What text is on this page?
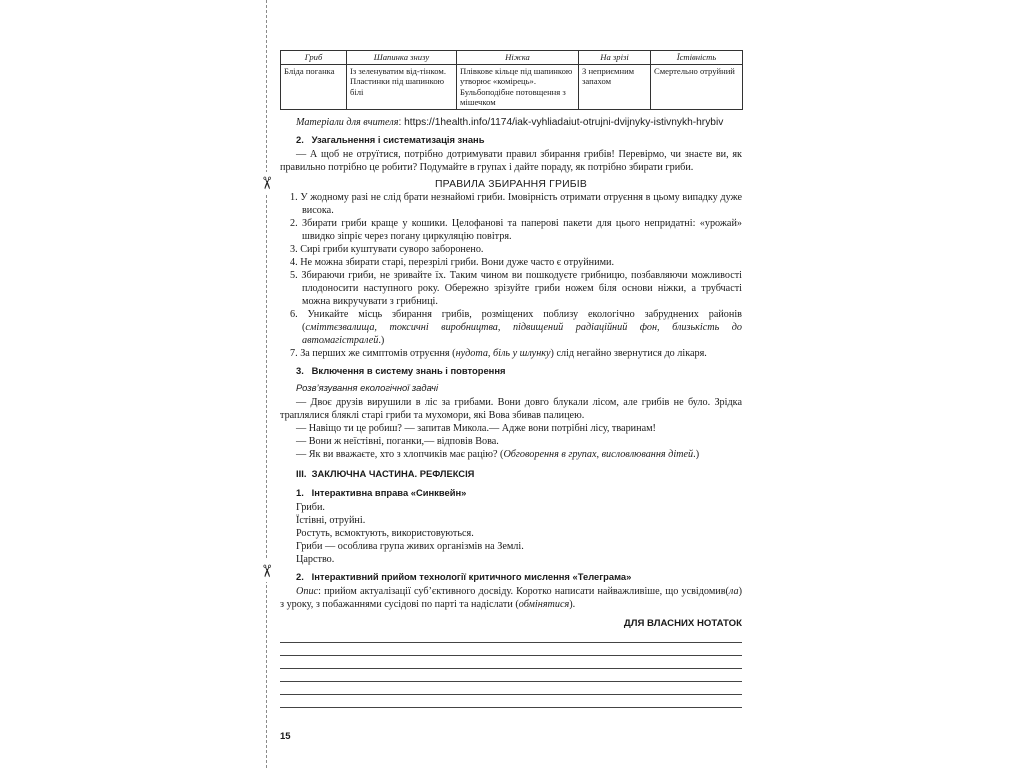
✂
✂
Гриб	Шапинка знизу	Ніжка	На зрізі	Їстівність
Бліда поганка	Із зеленуватим від-тінком. Пластинки під шапинкою білі	Плівкове кільце під шапинкою утворює «комірець». Бульбоподібне потовщення з мішечком	З неприємним запахом	Смертельно отруйний

Матеріали для вчителя: https://1health.info/1174/iak-vyhliadaiut-otrujni-dvijnyky-istivnykh-hrybiv

2.   Узагальнення і систематизація знань

— А щоб не отруїтися, потрібно дотримувати правил збирання грибів! Перевірмо, чи знаєте ви, як правильно потрібно це робити? Подумайте в групах і дайте пораду, як потрібно збирати гриби.

ПРАВИЛА ЗБИРАННЯ ГРИБІВ

1. У жодному разі не слід брати незнайомі гриби. Імовірність отримати отруєння в цьому випадку дуже висока.
2. Збирати гриби краще у кошики. Целофанові та паперові пакети для цього непридатні: «урожай» швидко зіпріє через погану циркуляцію повітря.
3. Сирі гриби куштувати суворо заборонено.
4. Не можна збирати старі, перезрілі гриби. Вони дуже часто є отруйними.
5. Збираючи гриби, не зривайте їх. Таким чином ви пошкодуєте грибницю, позбавляючи можливості плодоносити наступного року. Обережно зрізуйте гриби ножем біля основи ніжки, а трубчасті можна викручувати з грибниці.
6. Уникайте місць збирання грибів, розміщених поблизу екологічно забруднених районів (сміттєзвалища, токсичні виробництва, підвищений радіаційний фон, близькість до автомагістралей.)
7. За перших же симптомів отруєння (нудота, біль у шлунку) слід негайно звернутися до лікаря.

3.   Включення в систему знань і повторення

Розв’язування екологічної задачі

— Двоє друзів вирушили в ліс за грибами. Вони довго блукали лісом, але грибів не було. Зрідка траплялися бляклі старі гриби та мухомори, які Вова збивав палицею.

— Навіщо ти це робиш? — запитав Микола.— Адже вони потрібні лісу, тваринам!

— Вони ж неїстівні, поганки,— відповів Вова.

— Як ви вважаєте, хто з хлопчиків має рацію? (Обговорення в групах, висловлювання дітей.)

ІІІ.  ЗАКЛЮЧНА ЧАСТИНА. РЕФЛЕКСІЯ

1.   Інтерактивна вправа «Синквейн»

Гриби.

Їстівні, отруйні.

Ростуть, всмоктують, використовуються.

Гриби — особлива група живих організмів на Землі.

Царство.

2.   Інтерактивний прийом технології критичного мислення «Телеграма»

Опис: прийом актуалізації суб’єктивного досвіду. Коротко написати найважливіше, що усвідомив(ла) з уроку, з побажаннями сусідові по парті та надіслати (обмінятися).

ДЛЯ ВЛАСНИХ НОТАТОК

15
